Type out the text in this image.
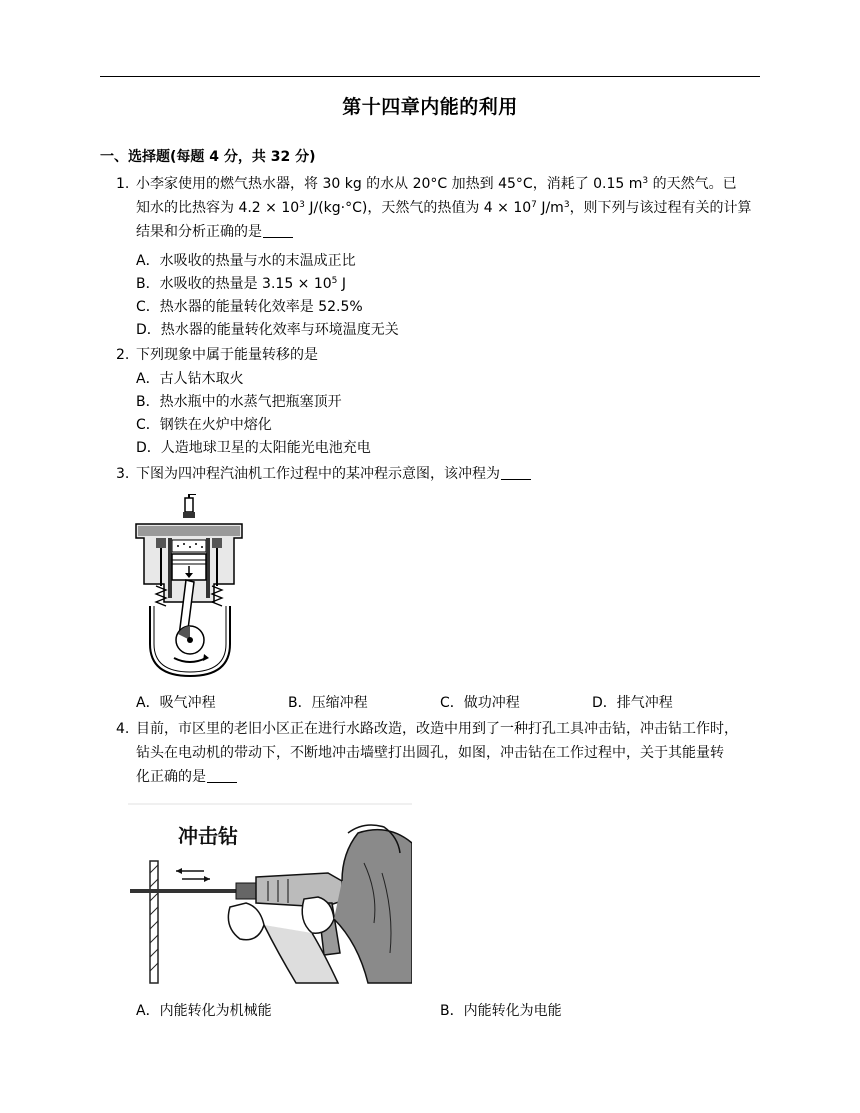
第十四章内能的利用
一、选择题(每题 4 分，共 32 分)
1. 小李家使用的燃气热水器，将 30 kg 的水从 20°C 加热到 45°C，消耗了 0.15 $m^3$ 的天然气。已
知水的比热容为 $4.2 \times 10^3$ J/(kg·°C)，天然气的热值为 $4 \times 10^7$ $J/m^3$，则下列与该过程有关的计算
结果和分析正确的是
A．水吸收的热量与水的末温成正比
B．水吸收的热量是 $3.15 \times 10^5$ J
C．热水器的能量转化效率是 52.5%
D．热水器的能量转化效率与环境温度无关
2. 下列现象中属于能量转移的是
A．古人钻木取火
B．热水瓶中的水蒸气把瓶塞顶开
C．钢铁在火炉中熔化
D．人造地球卫星的太阳能光电池充电
3. 下图为四冲程汽油机工作过程中的某冲程示意图，该冲程为
A．吸气冲程	B．压缩冲程	C．做功冲程	D．排气冲程
4. 目前，市区里的老旧小区正在进行水路改造，改造中用到了一种打孔工具冲击钻，冲击钻工作时，
钻头在电动机的带动下，不断地冲击墙壁打出圆孔，如图，冲击钻在工作过程中，关于其能量转
化正确的是
冲击钻
A．内能转化为机械能	B．内能转化为电能
